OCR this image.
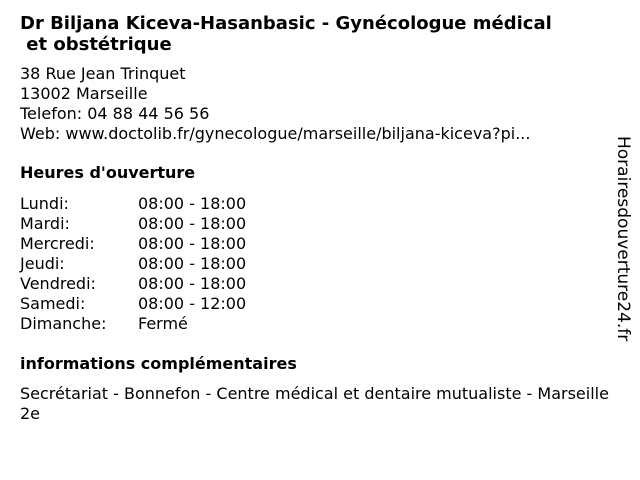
Dr Biljana Kiceva-Hasanbasic - Gynécologue médical
et obstétrique
38 Rue Jean Trinquet
13002 Marseille
Telefon: 04 88 44 56 56
Web: www.doctolib.fr/gynecologue/marseille/biljana-kiceva?pi...
Heures d'ouverture
Lundi:	08:00 - 18:00
Mardi:	08:00 - 18:00
Mercredi:	08:00 - 18:00
Jeudi:	08:00 - 18:00
Vendredi:	08:00 - 18:00
Samedi:	08:00 - 12:00
Dimanche:	Fermé
informations complémentaires
Secrétariat - Bonnefon - Centre médical et dentaire mutualiste - Marseille 2e
Horairesdouverture24.fr
